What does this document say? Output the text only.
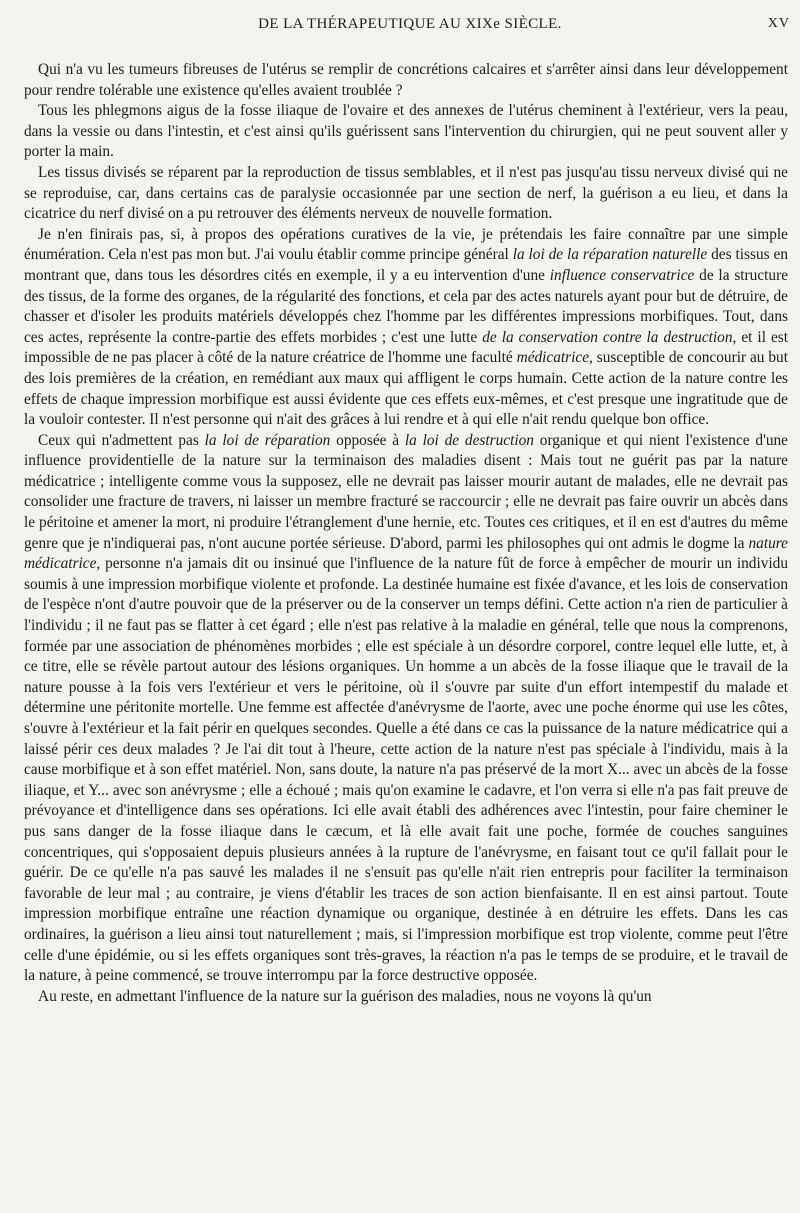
DE LA THÉRAPEUTIQUE AU XIXe SIÈCLE.	XV

Qui n'a vu les tumeurs fibreuses de l'utérus se remplir de concrétions calcaires et s'arrêter ainsi dans leur développement pour rendre tolérable une existence qu'elles avaient troublée ?

Tous les phlegmons aigus de la fosse iliaque de l'ovaire et des annexes de l'utérus cheminent à l'extérieur, vers la peau, dans la vessie ou dans l'intestin, et c'est ainsi qu'ils guérissent sans l'intervention du chirurgien, qui ne peut souvent aller y porter la main.

Les tissus divisés se réparent par la reproduction de tissus semblables, et il n'est pas jusqu'au tissu nerveux divisé qui ne se reproduise, car, dans certains cas de paralysie occasionnée par une section de nerf, la guérison a eu lieu, et dans la cicatrice du nerf divisé on a pu retrouver des éléments nerveux de nouvelle formation.

Je n'en finirais pas, si, à propos des opérations curatives de la vie, je prétendais les faire connaître par une simple énumération. Cela n'est pas mon but. J'ai voulu établir comme principe général la loi de la réparation naturelle des tissus en montrant que, dans tous les désordres cités en exemple, il y a eu intervention d'une influence conservatrice de la structure des tissus, de la forme des organes, de la régularité des fonctions, et cela par des actes naturels ayant pour but de détruire, de chasser et d'isoler les produits matériels développés chez l'homme par les différentes impressions morbifiques. Tout, dans ces actes, représente la contre-partie des effets morbides ; c'est une lutte de la conservation contre la destruction, et il est impossible de ne pas placer à côté de la nature créatrice de l'homme une faculté médicatrice, susceptible de concourir au but des lois premières de la création, en remédiant aux maux qui affligent le corps humain. Cette action de la nature contre les effets de chaque impression morbifique est aussi évidente que ces effets eux-mêmes, et c'est presque une ingratitude que de la vouloir contester. Il n'est personne qui n'ait des grâces à lui rendre et à qui elle n'ait rendu quelque bon office.

Ceux qui n'admettent pas la loi de réparation opposée à la loi de destruction organique et qui nient l'existence d'une influence providentielle de la nature sur la terminaison des maladies disent : Mais tout ne guérit pas par la nature médicatrice ; intelligente comme vous la supposez, elle ne devrait pas laisser mourir autant de malades, elle ne devrait pas consolider une fracture de travers, ni laisser un membre fracturé se raccourcir ; elle ne devrait pas faire ouvrir un abcès dans le péritoine et amener la mort, ni produire l'étranglement d'une hernie, etc. Toutes ces critiques, et il en est d'autres du même genre que je n'indiquerai pas, n'ont aucune portée sérieuse. D'abord, parmi les philosophes qui ont admis le dogme la nature médicatrice, personne n'a jamais dit ou insinué que l'influence de la nature fût de force à empêcher de mourir un individu soumis à une impression morbifique violente et profonde. La destinée humaine est fixée d'avance, et les lois de conservation de l'espèce n'ont d'autre pouvoir que de la préserver ou de la conserver un temps défini. Cette action n'a rien de particulier à l'individu ; il ne faut pas se flatter à cet égard ; elle n'est pas relative à la maladie en général, telle que nous la comprenons, formée par une association de phénomènes morbides ; elle est spéciale à un désordre corporel, contre lequel elle lutte, et, à ce titre, elle se révèle partout autour des lésions organiques. Un homme a un abcès de la fosse iliaque que le travail de la nature pousse à la fois vers l'extérieur et vers le péritoine, où il s'ouvre par suite d'un effort intempestif du malade et détermine une péritonite mortelle. Une femme est affectée d'anévrysme de l'aorte, avec une poche énorme qui use les côtes, s'ouvre à l'extérieur et la fait périr en quelques secondes. Quelle a été dans ce cas la puissance de la nature médicatrice qui a laissé périr ces deux malades ? Je l'ai dit tout à l'heure, cette action de la nature n'est pas spéciale à l'individu, mais à la cause morbifique et à son effet matériel. Non, sans doute, la nature n'a pas préservé de la mort X... avec un abcès de la fosse iliaque, et Y... avec son anévrysme ; elle a échoué ; mais qu'on examine le cadavre, et l'on verra si elle n'a pas fait preuve de prévoyance et d'intelligence dans ses opérations. Ici elle avait établi des adhérences avec l'intestin, pour faire cheminer le pus sans danger de la fosse iliaque dans le cæcum, et là elle avait fait une poche, formée de couches sanguines concentriques, qui s'opposaient depuis plusieurs années à la rupture de l'anévrysme, en faisant tout ce qu'il fallait pour le guérir. De ce qu'elle n'a pas sauvé les malades il ne s'ensuit pas qu'elle n'ait rien entrepris pour faciliter la terminaison favorable de leur mal ; au contraire, je viens d'établir les traces de son action bienfaisante. Il en est ainsi partout. Toute impression morbifique entraîne une réaction dynamique ou organique, destinée à en détruire les effets. Dans les cas ordinaires, la guérison a lieu ainsi tout naturellement ; mais, si l'impression morbifique est trop violente, comme peut l'être celle d'une épidémie, ou si les effets organiques sont très-graves, la réaction n'a pas le temps de se produire, et le travail de la nature, à peine commencé, se trouve interrompu par la force destructive opposée.

Au reste, en admettant l'influence de la nature sur la guérison des maladies, nous ne voyons là qu'un
